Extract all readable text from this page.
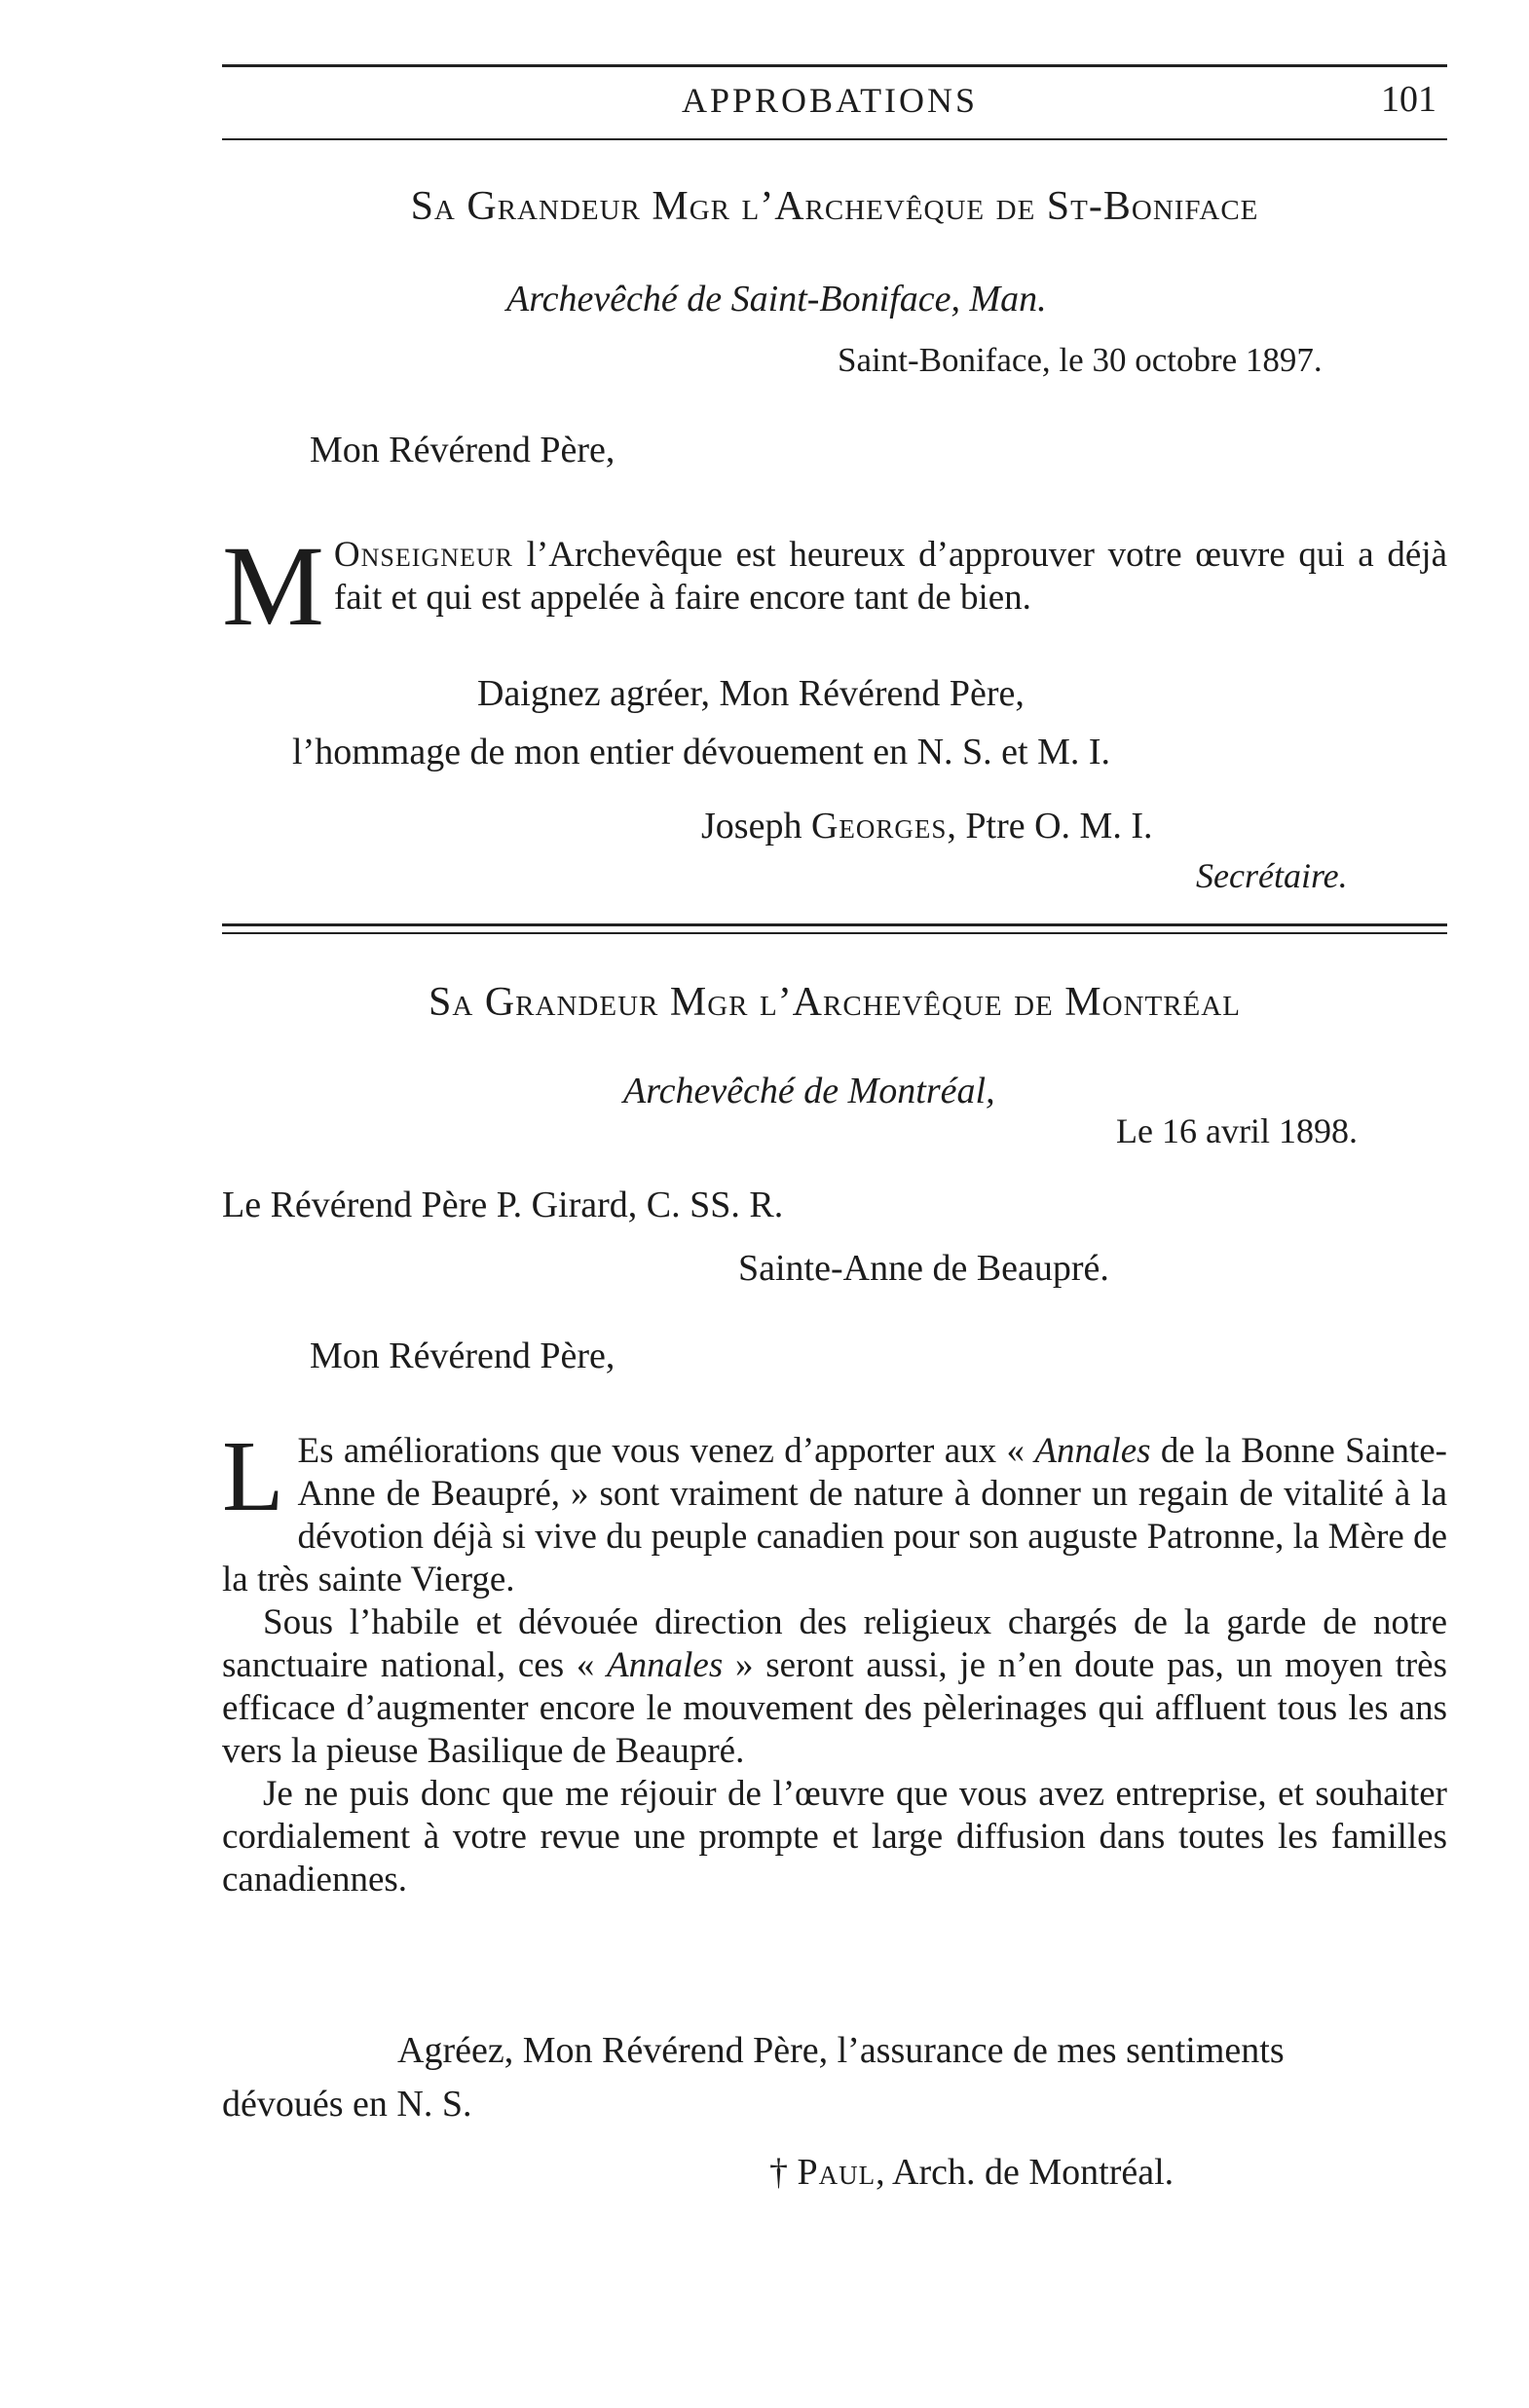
APPROBATIONS	101
Sa Grandeur Mgr l’Archevêque de St-Boniface
Archevêché de Saint-Boniface, Man.
Saint-Boniface, le 30 octobre 1897.
Mon Révérend Père,
M Onseigneur l’Archevêque est heureux d’approuver votre œuvre qui a déjà fait et qui est appelée à faire encore tant de bien.
Daignez agréer, Mon Révérend Père,
l’hommage de mon entier dévouement en N. S. et M. I.
Joseph Georges, Ptre O. M. I.
Secrétaire.
Sa Grandeur Mgr l’Archevêque de Montréal
Archevêché de Montréal,
Le 16 avril 1898.
Le Révérend Père P. Girard, C. SS. R.
Sainte-Anne de Beaupré.
Mon Révérend Père,

L Es améliorations que vous venez d’apporter aux « Annales de la Bonne Sainte-Anne de Beaupré, » sont vraiment de nature à donner un regain de vitalité à la dévotion déjà si vive du peuple canadien pour son auguste Patronne, la Mère de la très sainte Vierge.

Sous l’habile et dévouée direction des religieux chargés de la garde de notre sanctuaire national, ces « Annales » seront aussi, je n’en doute pas, un moyen très efficace d’augmenter encore le mouvement des pèlerinages qui affluent tous les ans vers la pieuse Basilique de Beaupré.

Je ne puis donc que me réjouir de l’œuvre que vous avez entreprise, et souhaiter cordialement à votre revue une prompte et large diffusion dans toutes les familles canadiennes.

Agréez, Mon Révérend Père, l’assurance de mes sentiments
dévoués en N. S.
† Paul, Arch. de Montréal.
